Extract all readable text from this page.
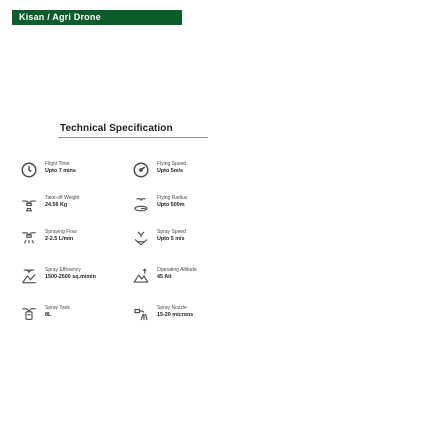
Kisan / Agri Drone
Technical Specification
Flight Time
Upto 7 mins
Take-off Weight
24.56 Kg
Spraying Flow
2-2.5 L/min
Spray Efficiency
1500-2500 sq.m/min
Spray Tank
8L
Flying Speed
Upto 5m/s
Flying Radius
Upto 500m
Spray Speed
Upto 5 m/s
Operating Altitude
45 Ait
Spray Nozzle
15-20 microns
